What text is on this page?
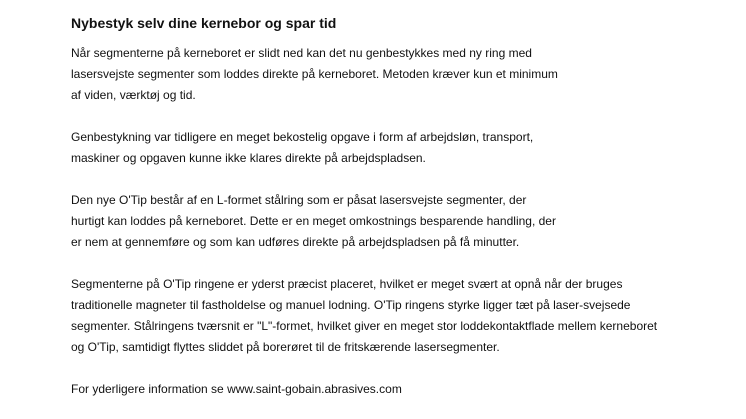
Nybestyk selv dine kernebor og spar tid
Når segmenterne på kerneboret er slidt ned kan det nu genbestykkes med ny ring med
lasersvejste segmenter som loddes direkte på kerneboret. Metoden kræver kun et minimum
af viden, værktøj og tid.
Genbestykning var tidligere en meget bekostelig opgave i form af arbejdsløn, transport,
maskiner og opgaven kunne ikke klares direkte på arbejdspladsen.
Den nye O'Tip består af en L-formet stålring som er påsat lasersvejste segmenter, der
hurtigt kan loddes på kerneboret. Dette er en meget omkostnings besparende handling, der
er nem at gennemføre og som kan udføres direkte på arbejdspladsen på få minutter.
Segmenterne på O'Tip ringene er yderst præcist placeret, hvilket er meget svært at opnå når der bruges
traditionelle magneter til fastholdelse og manuel lodning. O'Tip ringens styrke ligger tæt på laser-svejsede
segmenter. Stålringens tværsnit er "L"-formet, hvilket giver en meget stor loddekontaktflade mellem kerneboret
og O'Tip, samtidigt flyttes sliddet på borerøret til de fritskærende lasersegmenter.
For yderligere information se www.saint-gobain.abrasives.com
